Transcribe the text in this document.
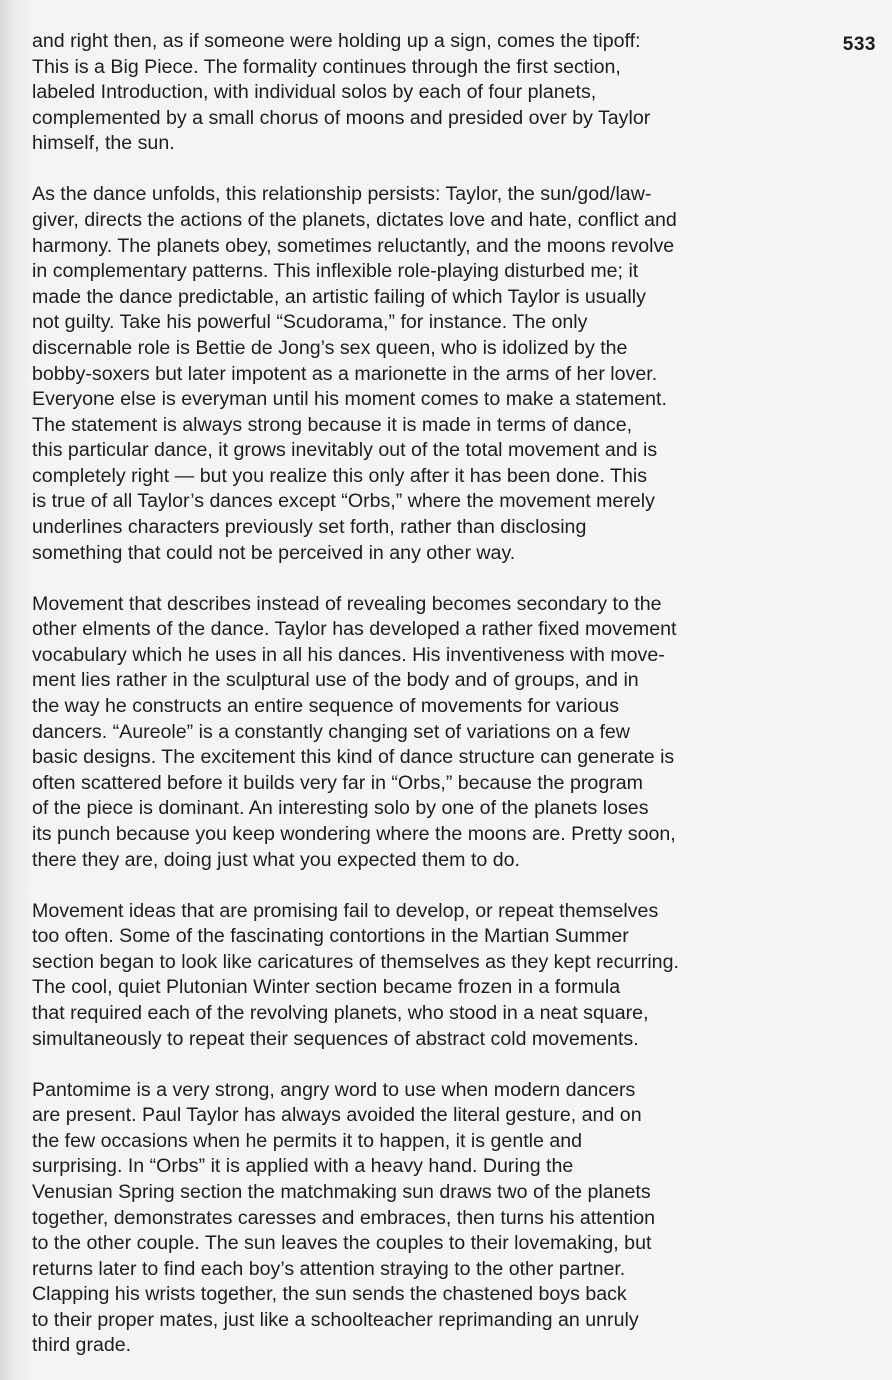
533

and right then, as if someone were holding up a sign, comes the tipoff:
This is a Big Piece. The formality continues through the first section,
labeled Introduction, with individual solos by each of four planets,
complemented by a small chorus of moons and presided over by Taylor
himself, the sun.

As the dance unfolds, this relationship persists: Taylor, the sun/god/law-
giver, directs the actions of the planets, dictates love and hate, conflict and
harmony. The planets obey, sometimes reluctantly, and the moons revolve
in complementary patterns. This inflexible role-playing disturbed me; it
made the dance predictable, an artistic failing of which Taylor is usually
not guilty. Take his powerful “Scudorama,” for instance. The only
discernable role is Bettie de Jong’s sex queen, who is idolized by the
bobby-soxers but later impotent as a marionette in the arms of her lover.
Everyone else is everyman until his moment comes to make a statement.
The statement is always strong because it is made in terms of dance,
this particular dance, it grows inevitably out of the total movement and is
completely right — but you realize this only after it has been done. This
is true of all Taylor’s dances except “Orbs,” where the movement merely
underlines characters previously set forth, rather than disclosing
something that could not be perceived in any other way.

Movement that describes instead of revealing becomes secondary to the
other elments of the dance. Taylor has developed a rather fixed movement
vocabulary which he uses in all his dances. His inventiveness with move-
ment lies rather in the sculptural use of the body and of groups, and in
the way he constructs an entire sequence of movements for various
dancers. “Aureole” is a constantly changing set of variations on a few
basic designs. The excitement this kind of dance structure can generate is
often scattered before it builds very far in “Orbs,” because the program
of the piece is dominant. An interesting solo by one of the planets loses
its punch because you keep wondering where the moons are. Pretty soon,
there they are, doing just what you expected them to do.

Movement ideas that are promising fail to develop, or repeat themselves
too often. Some of the fascinating contortions in the Martian Summer
section began to look like caricatures of themselves as they kept recurring.
The cool, quiet Plutonian Winter section became frozen in a formula
that required each of the revolving planets, who stood in a neat square,
simultaneously to repeat their sequences of abstract cold movements.

Pantomime is a very strong, angry word to use when modern dancers
are present. Paul Taylor has always avoided the literal gesture, and on
the few occasions when he permits it to happen, it is gentle and
surprising. In “Orbs” it is applied with a heavy hand. During the
Venusian Spring section the matchmaking sun draws two of the planets
together, demonstrates caresses and embraces, then turns his attention
to the other couple. The sun leaves the couples to their lovemaking, but
returns later to find each boy’s attention straying to the other partner.
Clapping his wrists together, the sun sends the chastened boys back
to their proper mates, just like a schoolteacher reprimanding an unruly
third grade.
